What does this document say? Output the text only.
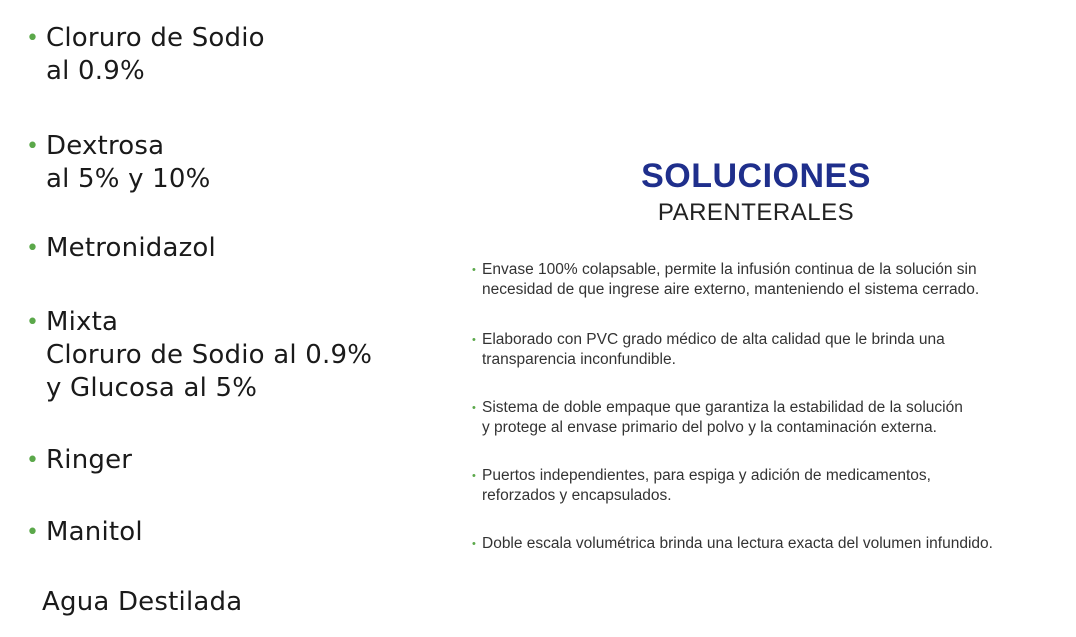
• Cloruro de Sodio
al 0.9%
• Dextrosa
al 5% y 10%
• Metronidazol
• Mixta
Cloruro de Sodio al 0.9%
y Glucosa al 5%
• Ringer
• Manitol
Agua Destilada
SOLUCIONES
PARENTERALES
• Envase 100% colapsable, permite la infusión continua de la solución sin
necesidad de que ingrese aire externo, manteniendo el sistema cerrado.
• Elaborado con PVC grado médico de alta calidad que le brinda una
transparencia inconfundible.
• Sistema de doble empaque que garantiza la estabilidad de la solución
y protege al envase primario del polvo y la contaminación externa.
• Puertos independientes, para espiga y adición de medicamentos,
reforzados y encapsulados.
• Doble escala volumétrica brinda una lectura exacta del volumen infundido.
